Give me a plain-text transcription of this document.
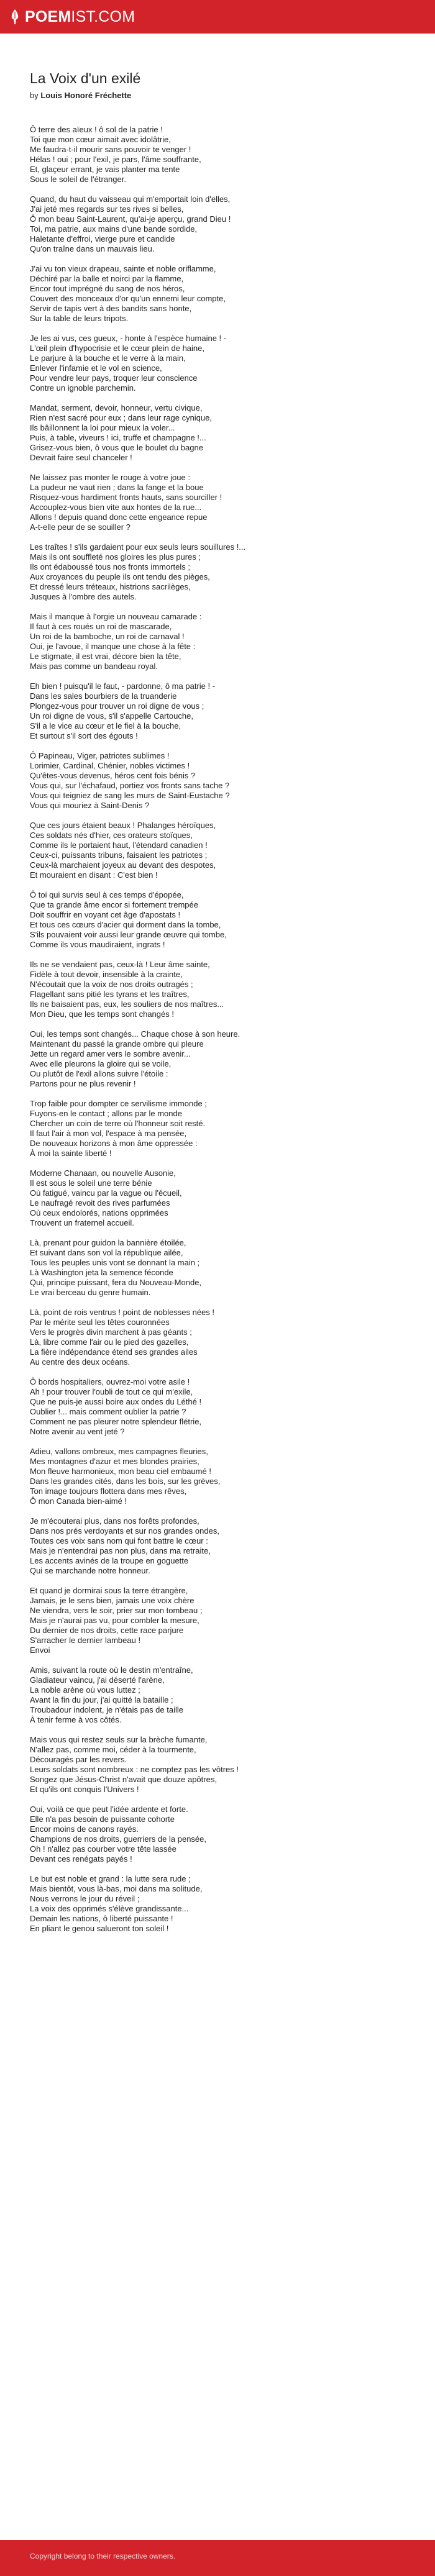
POEMIST.COM
La Voix d'un exilé

by Louis Honoré Fréchette

Ô terre des aïeux ! ô sol de la patrie !
Toi que mon cœur aimait avec idolâtrie,
Me faudra-t-il mourir sans pouvoir te venger !
Hélas ! oui ; pour l'exil, je pars, l'âme souffrante,
Et, glaçeur errant, je vais planter ma tente
Sous le soleil de l'étranger.
Quand, du haut du vaisseau qui m'emportait loin d'elles,
J'ai jeté mes regards sur tes rives si belles,
Ô mon beau Saint-Laurent, qu'ai-je aperçu, grand Dieu !
Toi, ma patrie, aux mains d'une bande sordide,
Haletante d'effroi, vierge pure et candide
Qu'on traîne dans un mauvais lieu.
J'ai vu ton vieux drapeau, sainte et noble oriflamme,
Déchiré par la balle et noirci par la flamme,
Encor tout imprégné du sang de nos héros,
Couvert des monceaux d'or qu'un ennemi leur compte,
Servir de tapis vert à des bandits sans honte,
Sur la table de leurs tripots.
Je les ai vus, ces gueux, - honte à l'espèce humaine ! -
L'œil plein d'hypocrisie et le cœur plein de haine,
Le parjure à la bouche et le verre à la main,
Enlever l'infamie et le vol en science,
Pour vendre leur pays, troquer leur conscience
Contre un ignoble parchemin.
Mandat, serment, devoir, honneur, vertu civique,
Rien n'est sacré pour eux ; dans leur rage cynique,
Ils bâillonnent la loi pour mieux la voler...
Puis, à table, viveurs ! ici, truffe et champagne !...
Grisez-vous bien, ô vous que le boulet du bagne
Devrait faire seul chanceler !
Ne laissez pas monter le rouge à votre joue :
La pudeur ne vaut rien ; dans la fange et la boue
Risquez-vous hardiment fronts hauts, sans sourciller !
Accouplez-vous bien vite aux hontes de la rue...
Allons ! depuis quand donc cette engeance repue
A-t-elle peur de se souiller ?
Les traîtes ! s'ils gardaient pour eux seuls leurs souillures !...
Mais ils ont souffleté nos gloires les plus pures ;
Ils ont édaboussé tous nos fronts immortels ;
Aux croyances du peuple ils ont tendu des pièges,
Et dressé leurs tréteaux, histrions sacrilèges,
Jusques à l'ombre des autels.
Mais il manque à l'orgie un nouveau camarade :
Il faut à ces roués un roi de mascarade,
Un roi de la bamboche, un roi de carnaval !
Oui, je l'avoue, il manque une chose à la fête :
Le stigmate, il est vrai, décore bien la tête,
Mais pas comme un bandeau royal.
Eh bien ! puisqu'il le faut, - pardonne, ô ma patrie ! -
Dans les sales bourbiers de la truanderie
Plongez-vous pour trouver un roi digne de vous ;
Un roi digne de vous, s'il s'appelle Cartouche,
S'il a le vice au cœur et le fiel à la bouche,
Et surtout s'il sort des égouts !
Ô Papineau, Viger, patriotes sublimes !
Lorimier, Cardinal, Chénier, nobles victimes !
Qu'êtes-vous devenus, héros cent fois bénis ?
Vous qui, sur l'échafaud, portiez vos fronts sans tache ?
Vous qui teigniez de sang les murs de Saint-Eustache ?
Vous qui mouriez à Saint-Denis ?
Que ces jours étaient beaux ! Phalanges héroïques,
Ces soldats nés d'hier, ces orateurs stoïques,
Comme ils le portaient haut, l'étendard canadien !
Ceux-ci, puissants tribuns, faisaient les patriotes ;
Ceux-là marchaient joyeux au devant des despotes,
Et mouraient en disant : C'est bien !
Ô toi qui survis seul à ces temps d'épopée,
Que ta grande âme encor si fortement trempée
Doit souffrir en voyant cet âge d'apostats !
Et tous ces cœurs d'acier qui dorment dans la tombe,
S'ils pouvaient voir aussi leur grande œuvre qui tombe,
Comme ils vous maudiraient, ingrats !
Ils ne se vendaient pas, ceux-là ! Leur âme sainte,
Fidèle à tout devoir, insensible à la crainte,
N'écoutait que la voix de nos droits outragés ;
Flagellant sans pitié les tyrans et les traîtres,
Ils ne baisaient pas, eux, les souliers de nos maîtres...
Mon Dieu, que les temps sont changés !
Oui, les temps sont changés... Chaque chose à son heure.
Maintenant du passé la grande ombre qui pleure
Jette un regard amer vers le sombre avenir...
Avec elle pleurons la gloire qui se voile,
Ou plutôt de l'exil allons suivre l'étoile :
Partons pour ne plus revenir !
Trop faible pour dompter ce servilisme immonde ;
Fuyons-en le contact ; allons par le monde
Chercher un coin de terre où l'honneur soit resté.
Il faut l'air à mon vol, l'espace à ma pensée,
De nouveaux horizons à mon âme oppressée :
À moi la sainte liberté !
Moderne Chanaan, ou nouvelle Ausonie,
Il est sous le soleil une terre bénie
Où fatigué, vaincu par la vague ou l'écueil,
Le naufragé revoit des rives parfumées
Où ceux endolorés, nations opprimées
Trouvent un fraternel accueil.
Là, prenant pour guidon la bannière étoilée,
Et suivant dans son vol la république ailée,
Tous les peuples unis vont se donnant la main ;
Là Washington jeta la semence féconde
Qui, principe puissant, fera du Nouveau-Monde,
Le vrai berceau du genre humain.
Là, point de rois ventrus ! point de noblesses nées !
Par le mérite seul les têtes couronnées
Vers le progrès divin marchent à pas géants ;
Là, libre comme l'air ou le pied des gazelles,
La fière indépendance étend ses grandes ailes
Au centre des deux océans.
Ô bords hospitaliers, ouvrez-moi votre asile !
Ah ! pour trouver l'oubli de tout ce qui m'exile,
Que ne puis-je aussi boire aux ondes du Léthé !
Oublier !... mais comment oublier la patrie ?
Comment ne pas pleurer notre splendeur flétrie,
Notre avenir au vent jeté ?
Adieu, vallons ombreux, mes campagnes fleuries,
Mes montagnes d'azur et mes blondes prairies,
Mon fleuve harmonieux, mon beau ciel embaumé !
Dans les grandes cités, dans les bois, sur les grèves,
Ton image toujours flottera dans mes rêves,
Ô mon Canada bien-aimé !
Je m'écouterai plus, dans nos forêts profondes,
Dans nos prés verdoyants et sur nos grandes ondes,
Toutes ces voix sans nom qui font battre le cœur :
Mais je n'entendrai pas non plus, dans ma retraite,
Les accents avinés de la troupe en goguette
Qui se marchande notre honneur.
Et quand je dormirai sous la terre étrangère,
Jamais, je le sens bien, jamais une voix chère
Ne viendra, vers le soir, prier sur mon tombeau ;
Mais je n'aurai pas vu, pour combler la mesure,
Du dernier de nos droits, cette race parjure
S'arracher le dernier lambeau !
Envoi
Amis, suivant la route où le destin m'entraîne,
Gladiateur vaincu, j'ai déserté l'arène,
La noble arène où vous luttez ;
Avant la fin du jour, j'ai quitté la bataille ;
Troubadour indolent, je n'étais pas de taille
À tenir ferme à vos côtés.
Mais vous qui restez seuls sur la brèche fumante,
N'allez pas, comme moi, céder à la tourmente,
Découragés par les revers.
Leurs soldats sont nombreux : ne comptez pas les vôtres !
Songez que Jésus-Christ n'avait que douze apôtres,
Et qu'ils ont conquis l'Univers !
Oui, voilà ce que peut l'idée ardente et forte.
Elle n'a pas besoin de puissante cohorte
Encor moins de canons rayés.
Champions de nos droits, guerriers de la pensée,
Oh ! n'allez pas courber votre tête lassée
Devant ces renégats payés !
Le but est noble et grand : la lutte sera rude ;
Mais bientôt, vous là-bas, moi dans ma solitude,
Nous verrons le jour du réveil ;
La voix des opprimés s'élève grandissante...
Demain les nations, ô liberté puissante !
En pliant le genou salueront ton soleil !
Copyright belong to their respective owners.
